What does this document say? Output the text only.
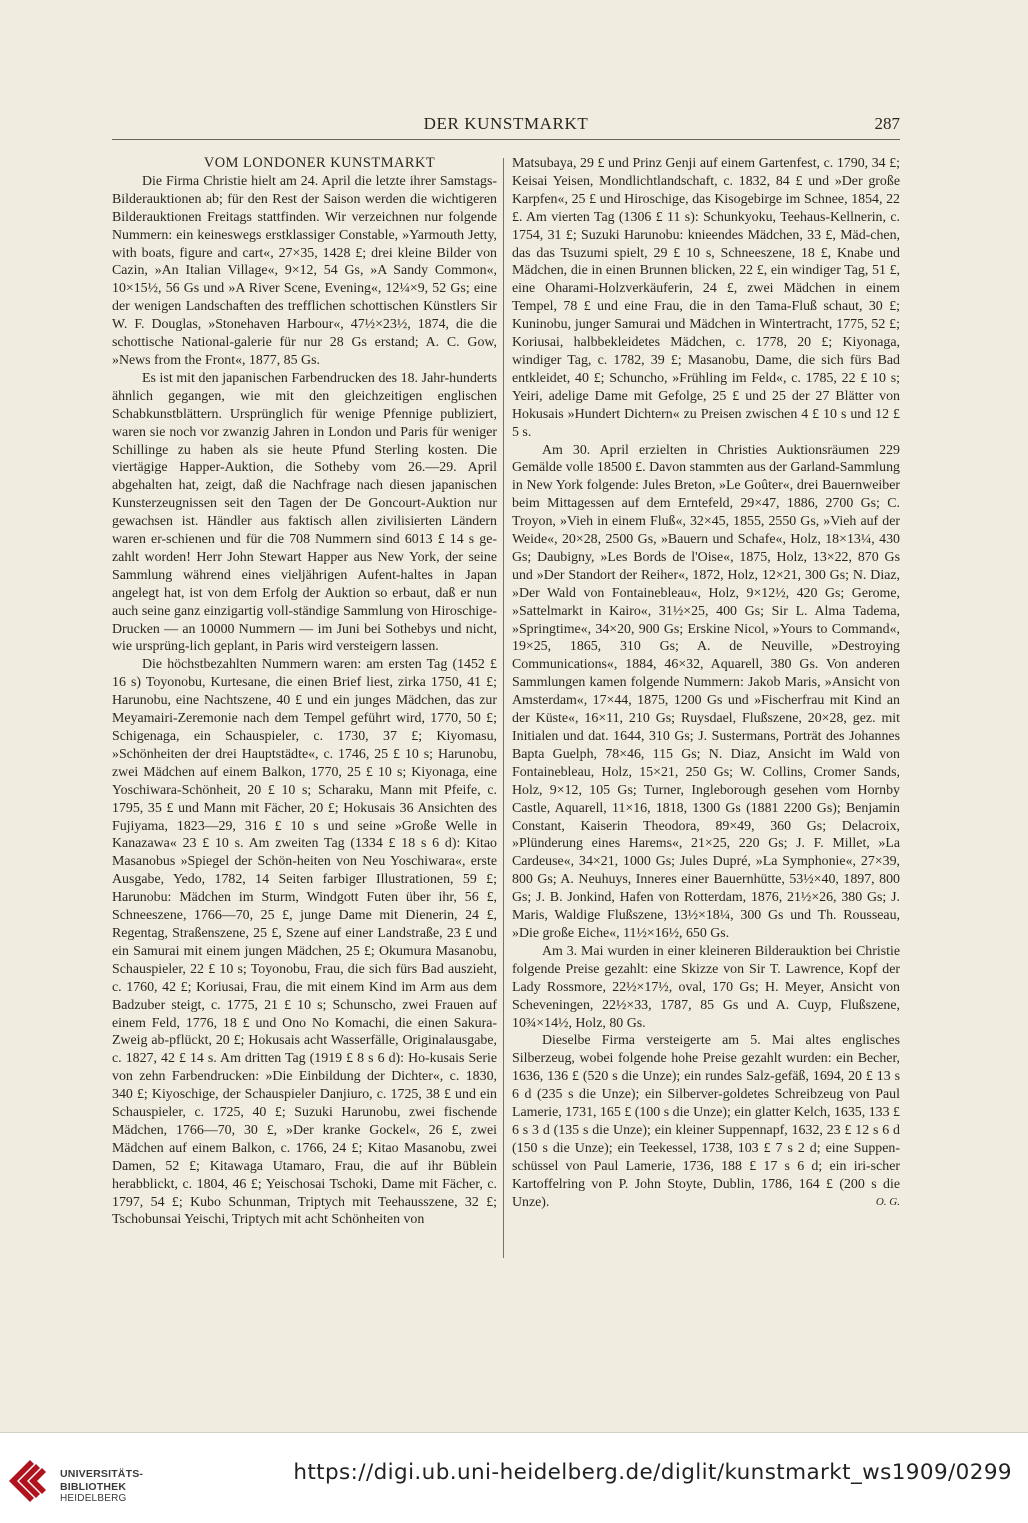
DER KUNSTMARKT	287

VOM LONDONER KUNSTMARKT

Die Firma Christie hielt am 24. April die letzte ihrer Samstags-Bilderauktionen ab; für den Rest der Saison werden die wichtigeren Bilderauktionen Freitags stattfinden. Wir verzeichnen nur folgende Nummern: ein keineswegs erstklassiger Constable, »Yarmouth Jetty, with boats, figure and cart«, 27×35, 1428 £; drei kleine Bilder von Cazin, »An Italian Village«, 9×12, 54 Gs, »A Sandy Common«, 10×15½, 56 Gs und »A River Scene, Evening«, 12¼×9, 52 Gs; eine der wenigen Landschaften des trefflichen schottischen Künstlers Sir W. F. Douglas, »Stonehaven Harbour«, 47½×23½, 1874, die die schottische National-galerie für nur 28 Gs erstand; A. C. Gow, »News from the Front«, 1877, 85 Gs.

Es ist mit den japanischen Farbendrucken des 18. Jahr-hunderts ähnlich gegangen, wie mit den gleichzeitigen englischen Schabkunstblättern. Ursprünglich für wenige Pfennige publiziert, waren sie noch vor zwanzig Jahren in London und Paris für weniger Schillinge zu haben als sie heute Pfund Sterling kosten. Die viertägige Happer-Auktion, die Sotheby vom 26.—29. April abgehalten hat, zeigt, daß die Nachfrage nach diesen japanischen Kunsterzeugnissen seit den Tagen der De Goncourt-Auktion nur gewachsen ist. Händler aus faktisch allen zivilisierten Ländern waren er-schienen und für die 708 Nummern sind 6013 £ 14 s ge-zahlt worden! Herr John Stewart Happer aus New York, der seine Sammlung während eines vieljährigen Aufent-haltes in Japan angelegt hat, ist von dem Erfolg der Auktion so erbaut, daß er nun auch seine ganz einzigartig voll-ständige Sammlung von Hiroschige-Drucken — an 10000 Nummern — im Juni bei Sothebys und nicht, wie ursprüng-lich geplant, in Paris wird versteigern lassen.

Die höchstbezahlten Nummern waren: am ersten Tag (1452 £ 16 s) Toyonobu, Kurtesane, die einen Brief liest, zirka 1750, 41 £; Harunobu, eine Nachtszene, 40 £ und ein junges Mädchen, das zur Meyamairi-Zeremonie nach dem Tempel geführt wird, 1770, 50 £; Schigenaga, ein Schauspieler, c. 1730, 37 £; Kiyomasu, »Schönheiten der drei Hauptstädte«, c. 1746, 25 £ 10 s; Harunobu, zwei Mädchen auf einem Balkon, 1770, 25 £ 10 s; Kiyonaga, eine Yoschiwara-Schönheit, 20 £ 10 s; Scharaku, Mann mit Pfeife, c. 1795, 35 £ und Mann mit Fächer, 20 £; Hokusais 36 Ansichten des Fujiyama, 1823—29, 316 £ 10 s und seine »Große Welle in Kanazawa« 23 £ 10 s. Am zweiten Tag (1334 £ 18 s 6 d): Kitao Masanobus »Spiegel der Schön-heiten von Neu Yoschiwara«, erste Ausgabe, Yedo, 1782, 14 Seiten farbiger Illustrationen, 59 £; Harunobu: Mädchen im Sturm, Windgott Futen über ihr, 56 £, Schneeszene, 1766—70, 25 £, junge Dame mit Dienerin, 24 £, Regentag, Straßenszene, 25 £, Szene auf einer Landstraße, 23 £ und ein Samurai mit einem jungen Mädchen, 25 £; Okumura Masanobu, Schauspieler, 22 £ 10 s; Toyonobu, Frau, die sich fürs Bad auszieht, c. 1760, 42 £; Koriusai, Frau, die mit einem Kind im Arm aus dem Badzuber steigt, c. 1775, 21 £ 10 s; Schunscho, zwei Frauen auf einem Feld, 1776, 18 £ und Ono No Komachi, die einen Sakura-Zweig ab-pflückt, 20 £; Hokusais acht Wasserfälle, Originalausgabe, c. 1827, 42 £ 14 s. Am dritten Tag (1919 £ 8 s 6 d): Ho-kusais Serie von zehn Farbendrucken: »Die Einbildung der Dichter«, c. 1830, 340 £; Kiyoschige, der Schauspieler Danjiuro, c. 1725, 38 £ und ein Schauspieler, c. 1725, 40 £; Suzuki Harunobu, zwei fischende Mädchen, 1766—70, 30 £, »Der kranke Gockel«, 26 £, zwei Mädchen auf einem Balkon, c. 1766, 24 £; Kitao Masanobu, zwei Damen, 52 £; Kitawaga Utamaro, Frau, die auf ihr Büblein herabblickt, c. 1804, 46 £; Yeischosai Tschoki, Dame mit Fächer, c. 1797, 54 £; Kubo Schunman, Triptych mit Teehausszene, 32 £; Tschobunsai Yeischi, Triptych mit acht Schönheiten von

Matsubaya, 29 £ und Prinz Genji auf einem Gartenfest, c. 1790, 34 £; Keisai Yeisen, Mondlichtlandschaft, c. 1832, 84 £ und »Der große Karpfen«, 25 £ und Hiroschige, das Kisogebirge im Schnee, 1854, 22 £. Am vierten Tag (1306 £ 11 s): Schunkyoku, Teehaus-Kellnerin, c. 1754, 31 £; Suzuki Harunobu: knieendes Mädchen, 33 £, Mäd-chen, das das Tsuzumi spielt, 29 £ 10 s, Schneeszene, 18 £, Knabe und Mädchen, die in einen Brunnen blicken, 22 £, ein windiger Tag, 51 £, eine Oharami-Holzverkäuferin, 24 £, zwei Mädchen in einem Tempel, 78 £ und eine Frau, die in den Tama-Fluß schaut, 30 £; Kuninobu, junger Samurai und Mädchen in Wintertracht, 1775, 52 £; Koriusai, halbbekleidetes Mädchen, c. 1778, 20 £; Kiyonaga, windiger Tag, c. 1782, 39 £; Masanobu, Dame, die sich fürs Bad entkleidet, 40 £; Schuncho, »Frühling im Feld«, c. 1785, 22 £ 10 s; Yeiri, adelige Dame mit Gefolge, 25 £ und 25 der 27 Blätter von Hokusais »Hundert Dichtern« zu Preisen zwischen 4 £ 10 s und 12 £ 5 s.

Am 30. April erzielten in Christies Auktionsräumen 229 Gemälde volle 18500 £. Davon stammten aus der Garland-Sammlung in New York folgende: Jules Breton, »Le Goûter«, drei Bauernweiber beim Mittagessen auf dem Erntefeld, 29×47, 1886, 2700 Gs; C. Troyon, »Vieh in einem Fluß«, 32×45, 1855, 2550 Gs, »Vieh auf der Weide«, 20×28, 2500 Gs, »Bauern und Schafe«, Holz, 18×13¼, 430 Gs; Daubigny, »Les Bords de l'Oise«, 1875, Holz, 13×22, 870 Gs und »Der Standort der Reiher«, 1872, Holz, 12×21, 300 Gs; N. Diaz, »Der Wald von Fontainebleau«, Holz, 9×12½, 420 Gs; Gerome, »Sattelmarkt in Kairo«, 31½×25, 400 Gs; Sir L. Alma Tadema, »Springtime«, 34×20, 900 Gs; Erskine Nicol, »Yours to Command«, 19×25, 1865, 310 Gs; A. de Neuville, »Destroying Communications«, 1884, 46×32, Aquarell, 380 Gs. Von anderen Sammlungen kamen folgende Nummern: Jakob Maris, »Ansicht von Amsterdam«, 17×44, 1875, 1200 Gs und »Fischerfrau mit Kind an der Küste«, 16×11, 210 Gs; Ruysdael, Flußszene, 20×28, gez. mit Initialen und dat. 1644, 310 Gs; J. Sustermans, Porträt des Johannes Bapta Guelph, 78×46, 115 Gs; N. Diaz, Ansicht im Wald von Fontainebleau, Holz, 15×21, 250 Gs; W. Collins, Cromer Sands, Holz, 9×12, 105 Gs; Turner, Ingleborough gesehen vom Hornby Castle, Aquarell, 11×16, 1818, 1300 Gs (1881 2200 Gs); Benjamin Constant, Kaiserin Theodora, 89×49, 360 Gs; Delacroix, »Plünderung eines Harems«, 21×25, 220 Gs; J. F. Millet, »La Cardeuse«, 34×21, 1000 Gs; Jules Dupré, »La Symphonie«, 27×39, 800 Gs; A. Neuhuys, Inneres einer Bauernhütte, 53½×40, 1897, 800 Gs; J. B. Jonkind, Hafen von Rotterdam, 1876, 21½×26, 380 Gs; J. Maris, Waldige Flußszene, 13½×18¼, 300 Gs und Th. Rousseau, »Die große Eiche«, 11½×16½, 650 Gs.

Am 3. Mai wurden in einer kleineren Bilderauktion bei Christie folgende Preise gezahlt: eine Skizze von Sir T. Lawrence, Kopf der Lady Rossmore, 22½×17½, oval, 170 Gs; H. Meyer, Ansicht von Scheveningen, 22½×33, 1787, 85 Gs und A. Cuyp, Flußszene, 10¾×14½, Holz, 80 Gs.

Dieselbe Firma versteigerte am 5. Mai altes englisches Silberzeug, wobei folgende hohe Preise gezahlt wurden: ein Becher, 1636, 136 £ (520 s die Unze); ein rundes Salz-gefäß, 1694, 20 £ 13 s 6 d (235 s die Unze); ein Silberver-goldetes Schreibzeug von Paul Lamerie, 1731, 165 £ (100 s die Unze); ein glatter Kelch, 1635, 133 £ 6 s 3 d (135 s die Unze); ein kleiner Suppennapf, 1632, 23 £ 12 s 6 d (150 s die Unze); ein Teekessel, 1738, 103 £ 7 s 2 d; eine Suppen-schüssel von Paul Lamerie, 1736, 188 £ 17 s 6 d; ein iri-scher Kartoffelring von P. John Stoyte, Dublin, 1786, 164 £ (200 s die Unze).	O. G.

UNIVERSITÄTS-
BIBLIOTHEK
HEIDELBERG
https://digi.ub.uni-heidelberg.de/diglit/kunstmarkt_ws1909/0299
